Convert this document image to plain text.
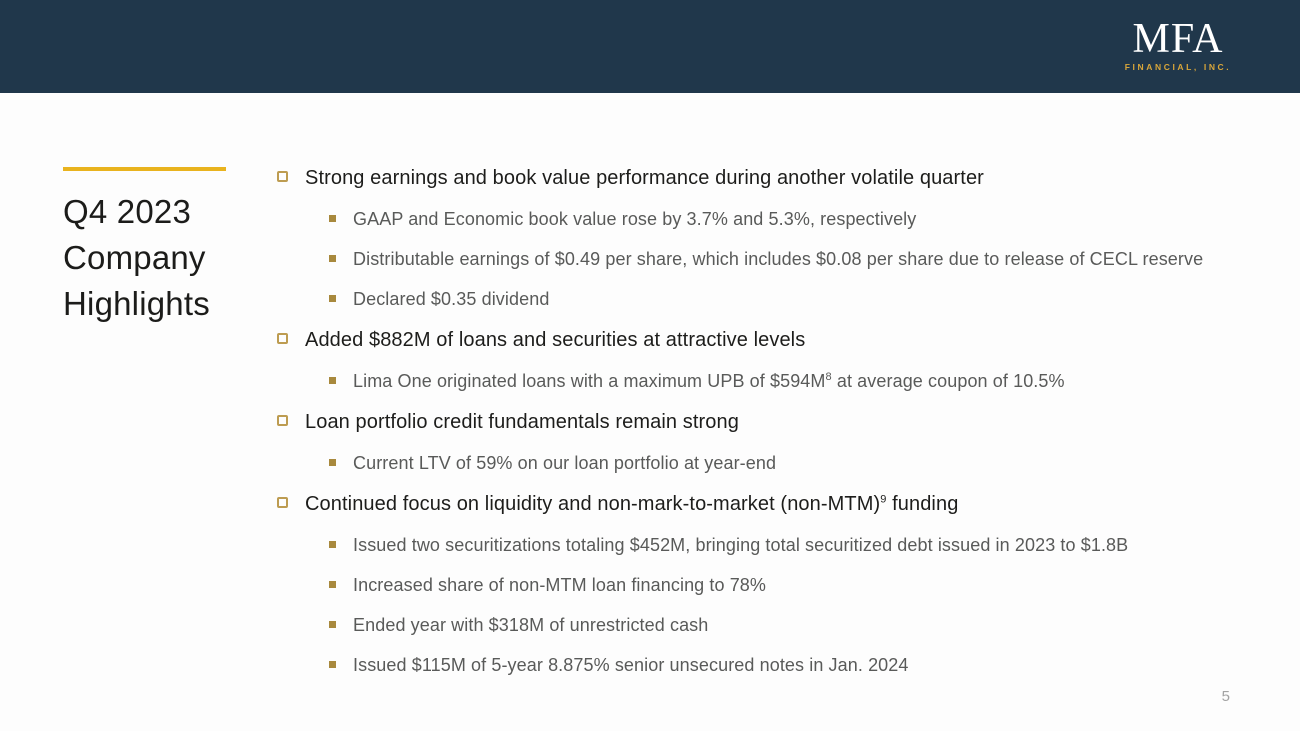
MFA
FINANCIAL, INC.
Q4 2023 Company Highlights
Strong earnings and book value performance during another volatile quarter
GAAP and Economic book value rose by 3.7% and 5.3%, respectively
Distributable earnings of $0.49 per share, which includes $0.08 per share due to release of CECL reserve
Declared $0.35 dividend
Added $882M of loans and securities at attractive levels
Lima One originated loans with a maximum UPB of $\$594M^8$ at average coupon of 10.5%
Loan portfolio credit fundamentals remain strong
Current LTV of 59% on our loan portfolio at year-end
Continued focus on liquidity and non-mark-to-market $(non-MTM)^9$ funding
Issued two securitizations totaling $452M, bringing total securitized debt issued in 2023 to $1.8B
Increased share of non-MTM loan financing to 78%
Ended year with $318M of unrestricted cash
Issued $115M of 5-year 8.875% senior unsecured notes in Jan. 2024
5
